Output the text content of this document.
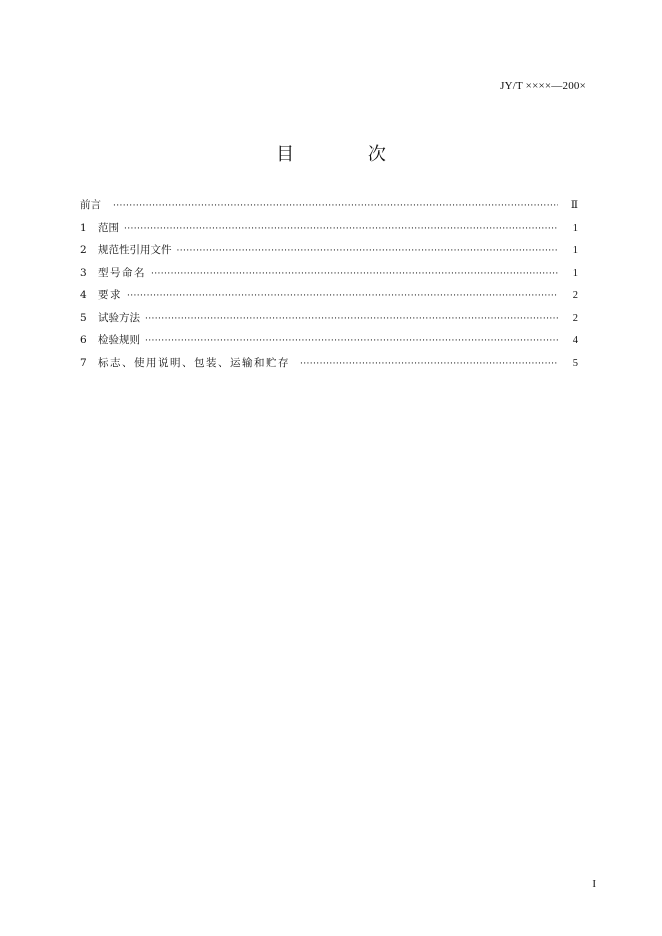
JY/T ××××—200×
目 次
前言 ·····	Ⅱ
1	范围 ·····	1
2	规范性引用文件 ·····	1
3	型号命名 ·····	1
4	要求 ·····	2
5	试验方法 ·····	2
6	检验规则 ·····	4
7	标志、使用说明、包装、运输和贮存 ·····	5
I
